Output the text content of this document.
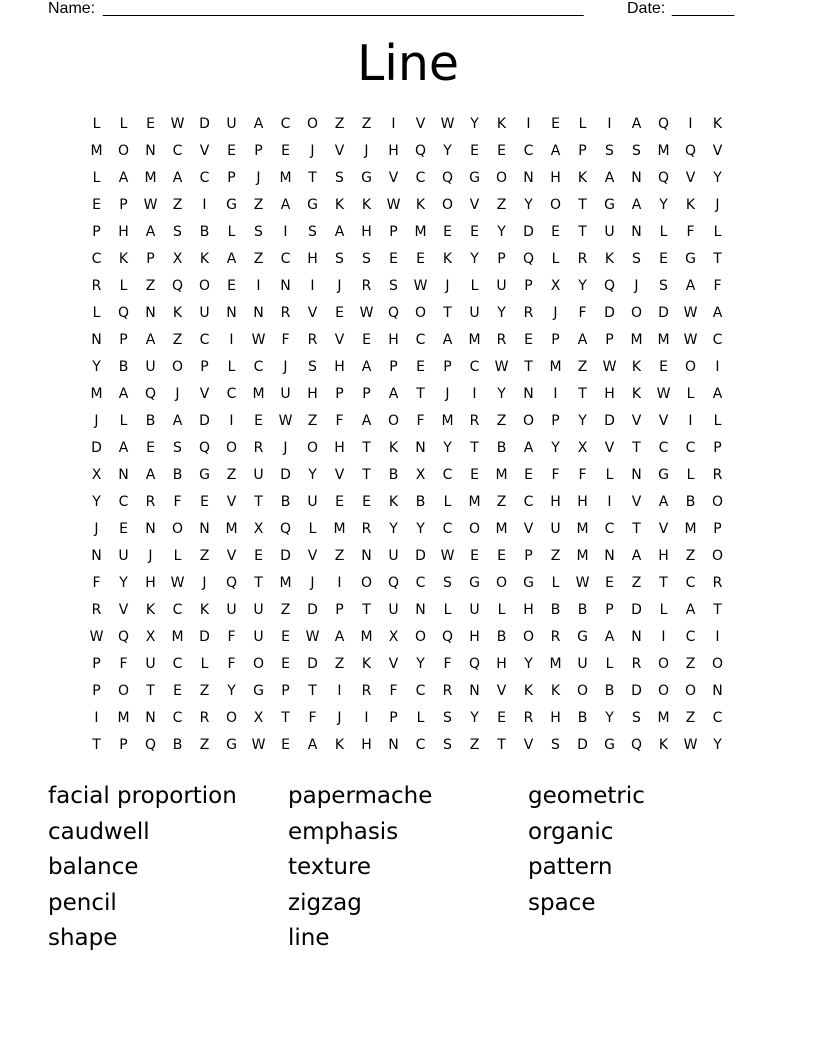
Name: ______________________________________________________	Date: _______
Line
L	L	E	W	D	U	A	C	O	Z	Z	I	V	W	Y	K	I	E	L	I	A	Q	I	K
M	O	N	C	V	E	P	E	J	V	J	H	Q	Y	E	E	C	A	P	S	S	M	Q	V
L	A	M	A	C	P	J	M	T	S	G	V	C	Q	G	O	N	H	K	A	N	Q	V	Y
E	P	W	Z	I	G	Z	A	G	K	K	W	K	O	V	Z	Y	O	T	G	A	Y	K	J
P	H	A	S	B	L	S	I	S	A	H	P	M	E	E	Y	D	E	T	U	N	L	F	L
C	K	P	X	K	A	Z	C	H	S	S	E	E	K	Y	P	Q	L	R	K	S	E	G	T
R	L	Z	Q	O	E	I	N	I	J	R	S	W	J	L	U	P	X	Y	Q	J	S	A	F
L	Q	N	K	U	N	N	R	V	E	W	Q	O	T	U	Y	R	J	F	D	O	D	W	A
N	P	A	Z	C	I	W	F	R	V	E	H	C	A	M	R	E	P	A	P	M	M	W	C
Y	B	U	O	P	L	C	J	S	H	A	P	E	P	C	W	T	M	Z	W	K	E	O	I
M	A	Q	J	V	C	M	U	H	P	P	A	T	J	I	Y	N	I	T	H	K	W	L	A
J	L	B	A	D	I	E	W	Z	F	A	O	F	M	R	Z	O	P	Y	D	V	V	I	L
D	A	E	S	Q	O	R	J	O	H	T	K	N	Y	T	B	A	Y	X	V	T	C	C	P
X	N	A	B	G	Z	U	D	Y	V	T	B	X	C	E	M	E	F	F	L	N	G	L	R
Y	C	R	F	E	V	T	B	U	E	E	K	B	L	M	Z	C	H	H	I	V	A	B	O
J	E	N	O	N	M	X	Q	L	M	R	Y	Y	C	O	M	V	U	M	C	T	V	M	P
N	U	J	L	Z	V	E	D	V	Z	N	U	D	W	E	E	P	Z	M	N	A	H	Z	O
F	Y	H	W	J	Q	T	M	J	I	O	Q	C	S	G	O	G	L	W	E	Z	T	C	R
R	V	K	C	K	U	U	Z	D	P	T	U	N	L	U	L	H	B	B	P	D	L	A	T
W	Q	X	M	D	F	U	E	W	A	M	X	O	Q	H	B	O	R	G	A	N	I	C	I
P	F	U	C	L	F	O	E	D	Z	K	V	Y	F	Q	H	Y	M	U	L	R	O	Z	O
P	O	T	E	Z	Y	G	P	T	I	R	F	C	R	N	V	K	K	O	B	D	O	O	N
I	M	N	C	R	O	X	T	F	J	I	P	L	S	Y	E	R	H	B	Y	S	M	Z	C
T	P	Q	B	Z	G	W	E	A	K	H	N	C	S	Z	T	V	S	D	G	Q	K	W	Y
facial proportion	papermache	geometric
caudwell	emphasis	organic
balance	texture	pattern
pencil	zigzag	space
shape	line
